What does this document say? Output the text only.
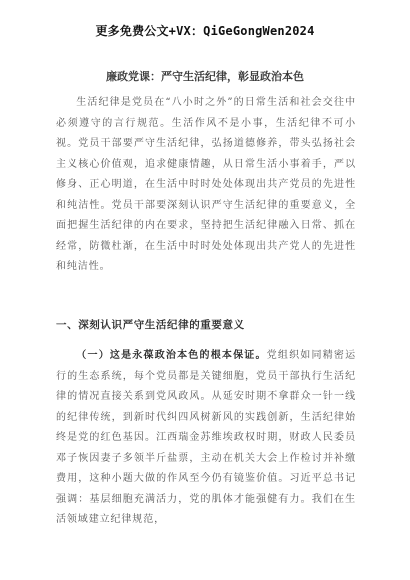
更多免费公文+VX：QiGeGongWen2024
廉政党课：严守生活纪律，彰显政治本色
生活纪律是党员在“八小时之外”的日常生活和社会交往中必须遵守的言行规范。生活作风不是小事，生活纪律不可小视。党员干部要严守生活纪律，弘扬道德修养，带头弘扬社会主义核心价值观，追求健康情趣，从日常生活小事着手，严以修身、正心明道，在生活中时时处处体现出共产党员的先进性和纯洁性。党员干部要深刻认识严守生活纪律的重要意义，全面把握生活纪律的内在要求，坚持把生活纪律融入日常、抓在经常，防微杜渐，在生活中时时处处体现出共产党人的先进性和纯洁性。
一、深刻认识严守生活纪律的重要意义
（一）这是永葆政治本色的根本保证。党组织如同精密运行的生态系统，每个党员都是关键细胞，党员干部执行生活纪律的情况直接关系到党风政风。从延安时期不拿群众一针一线的纪律传统，到新时代纠四风树新风的实践创新，生活纪律始终是党的红色基因。江西瑞金苏维埃政权时期，财政人民委员邓子恢因妻子多领半斤盐票，主动在机关大会上作检讨并补缴费用，这种小题大做的作风至今仍有镜鉴价值。习近平总书记强调：基层细胞充满活力，党的肌体才能强健有力。我们在生活领域建立纪律规范，
